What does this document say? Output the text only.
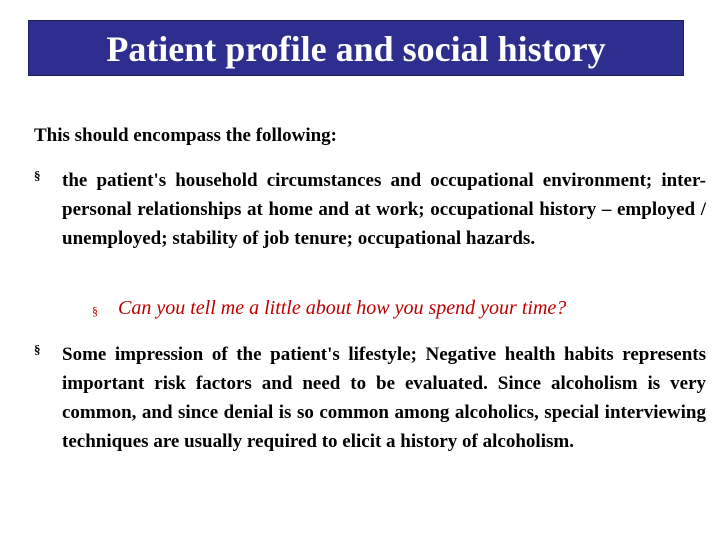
Patient profile and social history
This should encompass the following:
§ the patient's household circumstances and occupational environment; inter-personal relationships at home and at work; occupational history – employed / unemployed; stability of job tenure; occupational hazards.
§ Can you tell me a little about how you spend your time?
§ Some impression of the patient's lifestyle; Negative health habits represents important risk factors and need to be evaluated. Since alcoholism is very common, and since denial is so common among alcoholics, special interviewing techniques are usually required to elicit a history of alcoholism.
